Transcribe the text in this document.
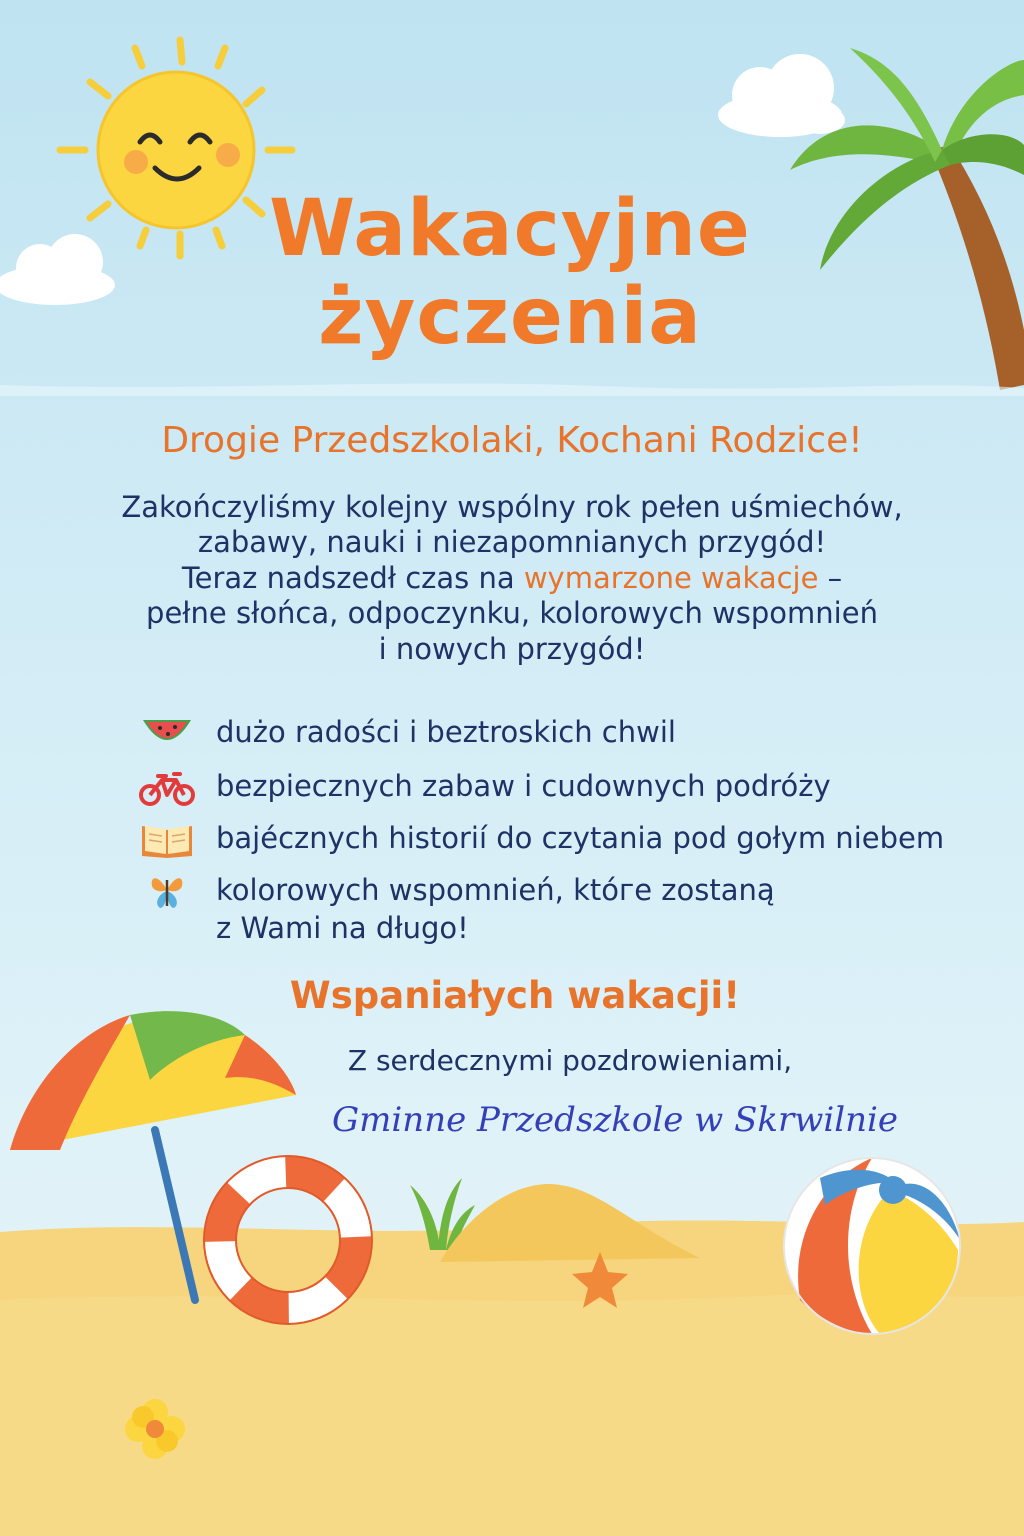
Wakacyjne
życzenia

Drogie Przedszkolaki, Kochani Rodzice!

Zakończyliśmy kolejny wspólny rok pełen uśmiechów,
zabawy, nauki i niezapomnianych przygód!
Teraz nadszedł czas na wymarzone wakacje –
pełne słońca, odpoczynku, kolorowych wspomnień
i nowych przygód!
dużo radości i beztroskich chwil
bezpiecznych zabaw i cudownych podróży
bajécznych historií do czytania pod gołym niebem
kolorowych wspomnień, któге zostaną
z Wami na długo!

Wspaniałych wakacji!

Z serdecznymi pozdrowieniami,

Gminne Przedszkole w Skrwilnie
